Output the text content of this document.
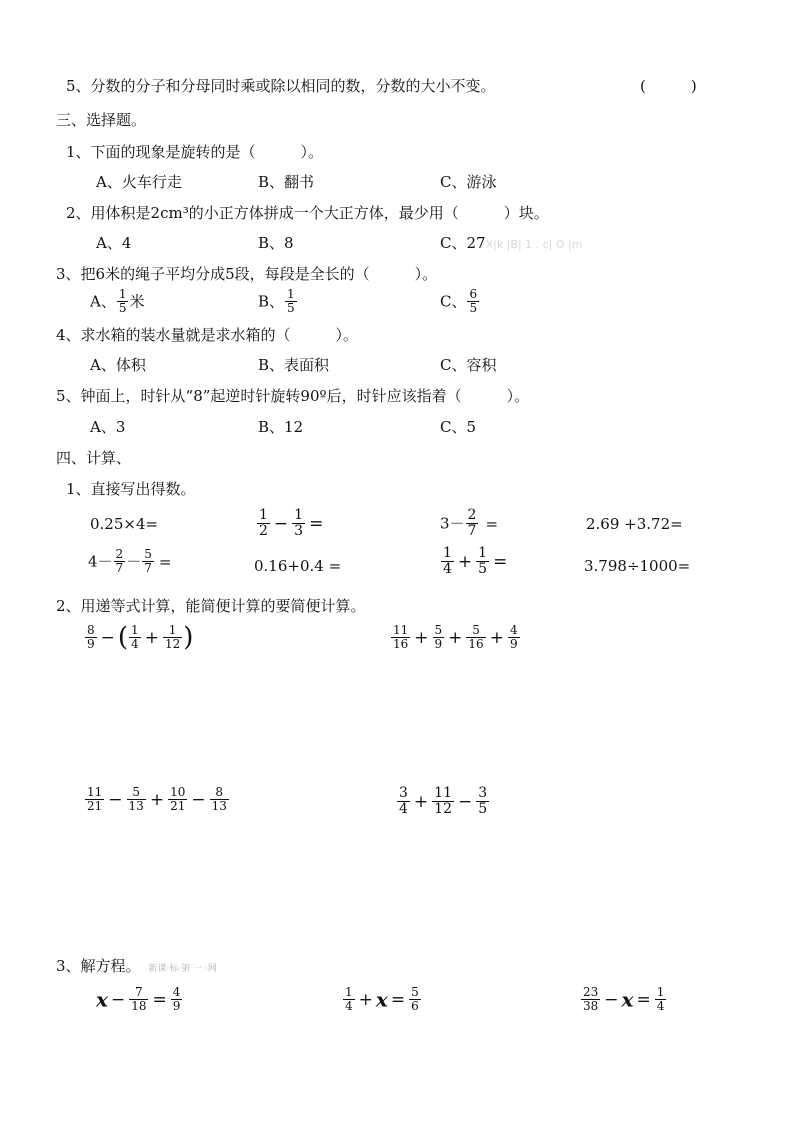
5、分数的分子和分母同时乘或除以相同的数，分数的大小不变。	(　　　)
三、选择题。
1、下面的现象是旋转的是（　　　）。
A、火车行走	B、翻书	C、游泳
2、用体积是2cm³的小正方体拼成一个大正方体，最少用（　　　）块。
A、4	B、8	C、27X|k |B| 1 . c| O |m
3、把6米的绳子平均分成5段，每段是全长的（　　　）。
A、 $\frac{1}{5}$ 米	B、 $\frac{1}{5}$	C、 $\frac{6}{5}$
4、求水箱的装水量就是求水箱的（　　　）。
A、体积	B、表面积	C、容积
5、钟面上，时针从“8”起逆时针旋转90º后，时针应该指着（　　　）。
A、3	B、12	C、5
四、计算、
1、直接写出得数。
0.25×4=	$\frac{1}{2} - \frac{1}{3}$ =	$3- \frac{2}{7}$ =	2.69 +3.72=
$4- \frac{2}{7} - \frac{5}{7}$ =	0.16+0.4 =	$\frac{1}{4} + \frac{1}{5}$ =	3.798÷1000=
2、用递等式计算，能简便计算的要简便计算。
$\frac{8}{9}$ − ( $\frac{1}{4} + \frac{1}{12}$ )	$\frac{11}{16} + \frac{5}{9} + \frac{5}{16} + \frac{4}{9}$
$\frac{11}{21} - \frac{5}{13} + \frac{10}{21} - \frac{8}{13}$	$\frac{3}{4} + \frac{11}{12} - \frac{3}{5}$
3、解方程。 新课·标·第 一 ·网
$x - \frac{7}{18} = \frac{4}{9}$	$\frac{1}{4} + x = \frac{5}{6}$	$\frac{23}{38} - x = \frac{1}{4}$
